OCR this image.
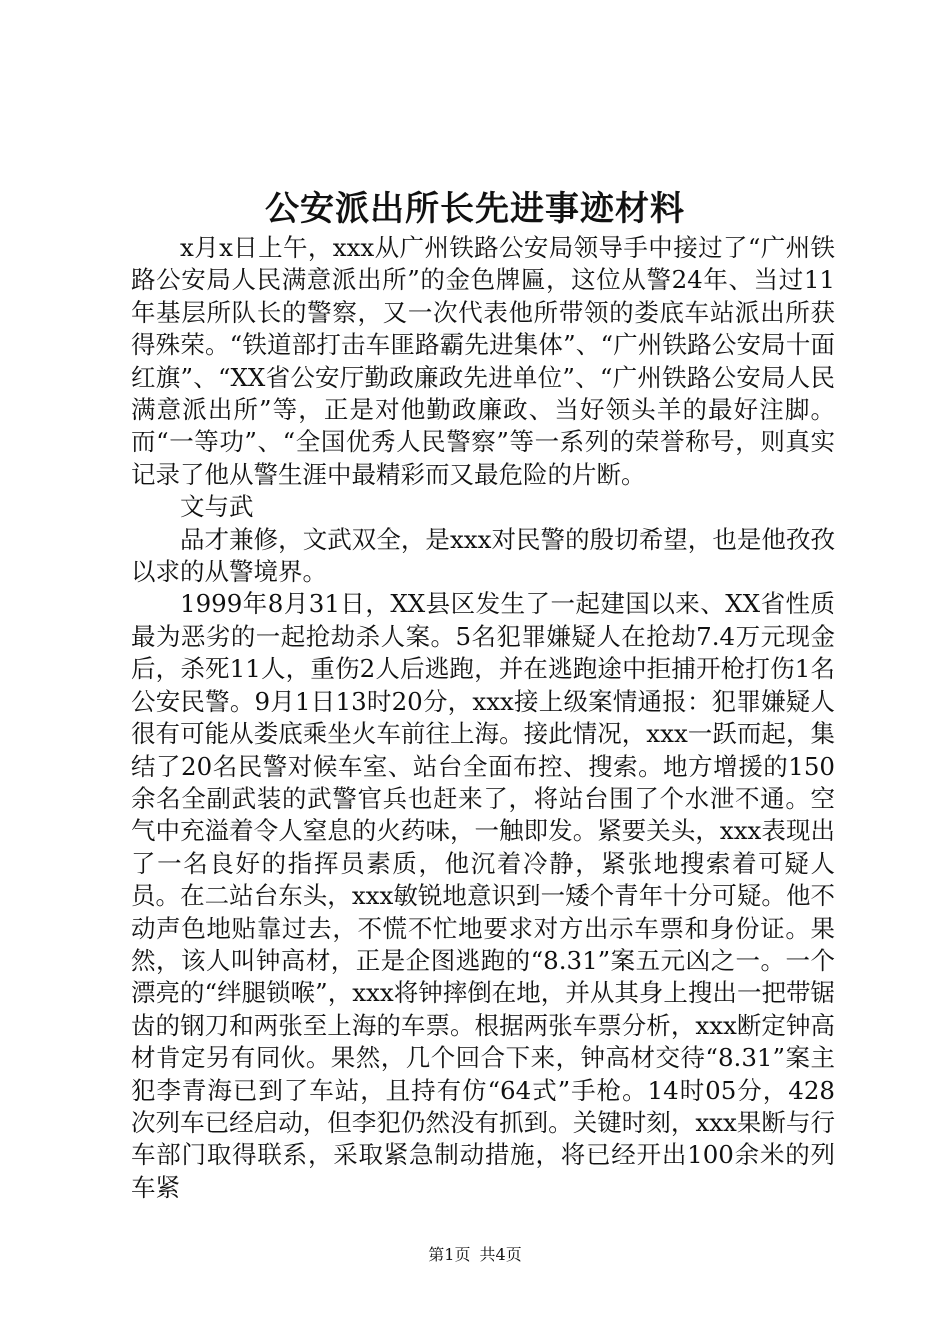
公安派出所长先进事迹材料

x月x日上午，xxx从广州铁路公安局领导手中接过了“广州铁路公安局人民满意派出所”的金色牌匾，这位从警24年、当过11年基层所队长的警察，又一次代表他所带领的娄底车站派出所获得殊荣。“铁道部打击车匪路霸先进集体”、“广州铁路公安局十面红旗”、“XX省公安厅勤政廉政先进单位”、“广州铁路公安局人民满意派出所”等，正是对他勤政廉政、当好领头羊的最好注脚。而“一等功”、“全国优秀人民警察”等一系列的荣誉称号，则真实记录了他从警生涯中最精彩而又最危险的片断。

文与武

品才兼修，文武双全，是xxx对民警的殷切希望，也是他孜孜以求的从警境界。

1999年8月31日，XX县区发生了一起建国以来、XX省性质最为恶劣的一起抢劫杀人案。5名犯罪嫌疑人在抢劫7.4万元现金后，杀死11人，重伤2人后逃跑，并在逃跑途中拒捕开枪打伤1名公安民警。9月1日13时20分，xxx接上级案情通报：犯罪嫌疑人很有可能从娄底乘坐火车前往上海。接此情况，xxx一跃而起，集结了20名民警对候车室、站台全面布控、搜索。地方增援的150余名全副武装的武警官兵也赶来了，将站台围了个水泄不通。空气中充溢着令人窒息的火药味，一触即发。紧要关头，xxx表现出了一名良好的指挥员素质，他沉着冷静，紧张地搜索着可疑人员。在二站台东头，xxx敏锐地意识到一矮个青年十分可疑。他不动声色地贴靠过去，不慌不忙地要求对方出示车票和身份证。果然，该人叫钟高材，正是企图逃跑的“8.31”案五元凶之一。一个漂亮的“绊腿锁喉”，xxx将钟摔倒在地，并从其身上搜出一把带锯齿的钢刀和两张至上海的车票。根据两张车票分析，xxx断定钟高材肯定另有同伙。果然，几个回合下来，钟高材交待“8.31”案主犯李青海已到了车站，且持有仿“64式”手枪。14时05分，428次列车已经启动，但李犯仍然没有抓到。关键时刻，xxx果断与行车部门取得联系，采取紧急制动措施，将已经开出100余米的列车紧

第1页 共4页
